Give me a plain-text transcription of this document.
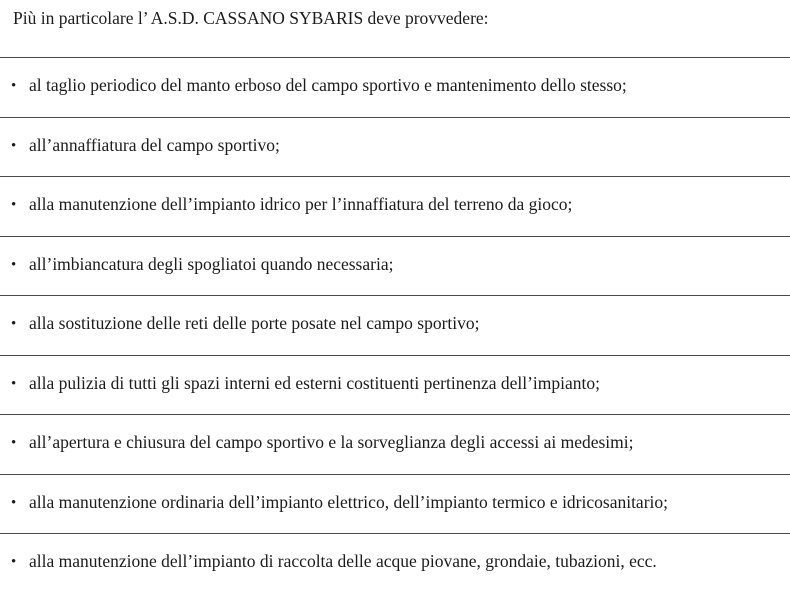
Più in particolare l’ A.S.D. CASSANO SYBARIS deve provvedere:
• al taglio periodico del manto erboso del campo sportivo e mantenimento dello stesso;
• all’annaffiatura del campo sportivo;
• alla manutenzione dell’impianto idrico per l’innaffiatura del terreno da gioco;
• all’imbiancatura degli spogliatoi quando necessaria;
• alla sostituzione delle reti delle porte posate nel campo sportivo;
• alla pulizia di tutti gli spazi interni ed esterni costituenti pertinenza dell’impianto;
• all’apertura e chiusura del campo sportivo e la sorveglianza degli accessi ai medesimi;
• alla manutenzione ordinaria dell’impianto elettrico, dell’impianto termico e idricosanitario;
• alla manutenzione dell’impianto di raccolta delle acque piovane, grondaie, tubazioni, ecc.
